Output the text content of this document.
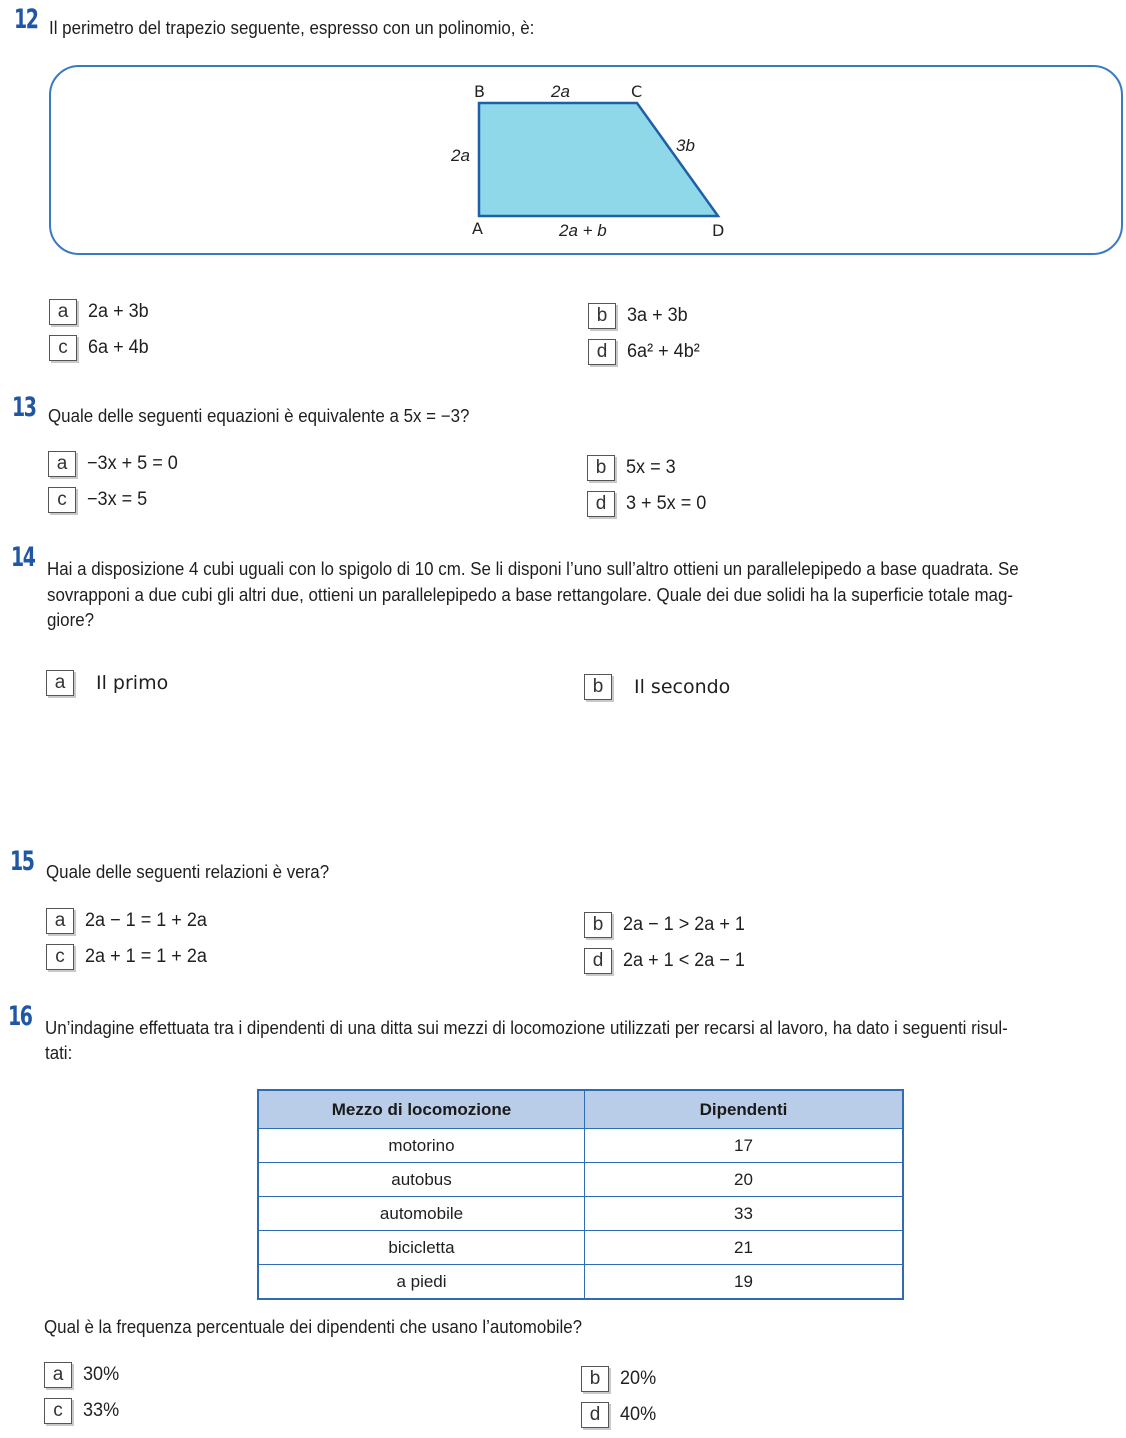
12 Il perimetro del trapezio seguente, espresso con un polinomio, è:
B	C
A	D
2a
2a
3b
2a + b
a	2a + 3b	b	3a + 3b
c	6a + 4b	d	6a² + 4b²
13 Quale delle seguenti equazioni è equivalente a 5x = −3?
a	−3x + 5 = 0	b	5x = 3
c	−3x = 5	d	3 + 5x = 0
14 Hai a disposizione 4 cubi uguali con lo spigolo di 10 cm. Se li disponi l’uno sull’altro ottieni un parallelepipedo a base quadrata. Se
sovrapponi a due cubi gli altri due, ottieni un parallelepipedo a base rettangolare. Quale dei due solidi ha la superficie totale mag-
giore?
a	Il primo	b	Il secondo
15 Quale delle seguenti relazioni è vera?
a	2a − 1 = 1 + 2a	b	2a − 1 > 2a + 1
c	2a + 1 = 1 + 2a	d	2a + 1 < 2a − 1
16 Un’indagine effettuata tra i dipendenti di una ditta sui mezzi di locomozione utilizzati per recarsi al lavoro, ha dato i seguenti risul-
tati:
Mezzo di locomozione	Dipendenti
motorino	17
autobus	20
automobile	33
bicicletta	21
a piedi	19
Qual è la frequenza percentuale dei dipendenti che usano l’automobile?
a	30%	b	20%
c	33%	d	40%
